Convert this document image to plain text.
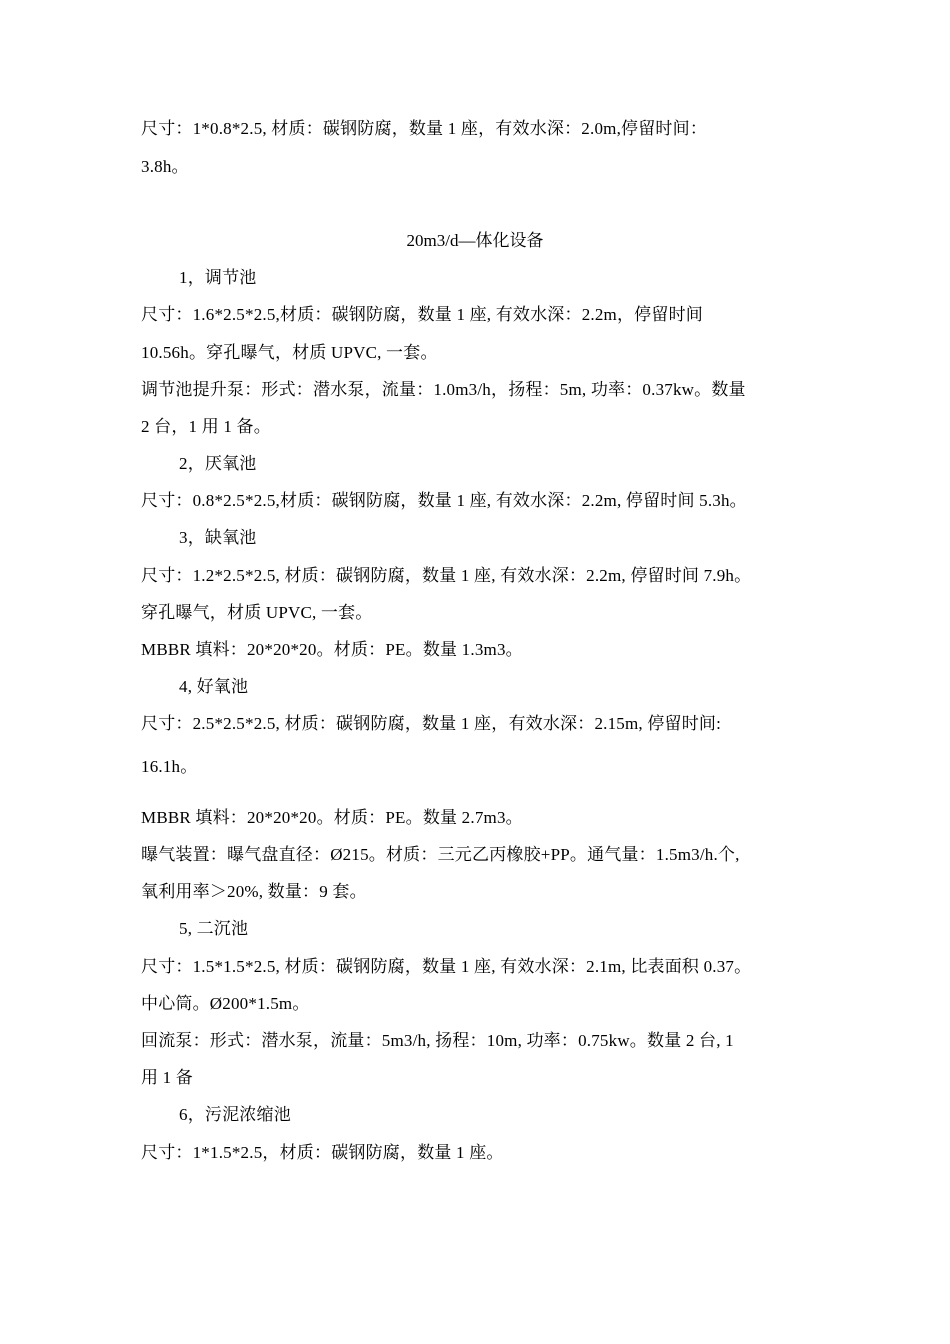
尺寸：1*0.8*2.5, 材质：碳钢防腐，数量 1 座，有效水深：2.0m,停留时间：
3.8h。
20m3/d—体化设备
1，调节池
尺寸：1.6*2.5*2.5,材质：碳钢防腐，数量 1 座, 有效水深：2.2m，停留时间
10.56h。穿孔曝气，材质 UPVC, 一套。
调节池提升泵：形式：潜水泵，流量：1.0m3/h，扬程：5m, 功率：0.37kw。数量
2 台，1 用 1 备。
2，厌氧池
尺寸：0.8*2.5*2.5,材质：碳钢防腐，数量 1 座, 有效水深：2.2m, 停留时间 5.3h。
3，缺氧池
尺寸：1.2*2.5*2.5, 材质：碳钢防腐，数量 1 座, 有效水深：2.2m, 停留时间 7.9h。
穿孔曝气，材质 UPVC, 一套。
MBBR 填料：20*20*20。材质：PE。数量 1.3m3。
4, 好氧池
尺寸：2.5*2.5*2.5, 材质：碳钢防腐，数量 1 座，有效水深：2.15m, 停留时间:
16.1h。
MBBR 填料：20*20*20。材质：PE。数量 2.7m3。
曝气装置：曝气盘直径：Ø215。材质：三元乙丙橡胶+PP。通气量：1.5m3/h.个,
氧利用率＞20%, 数量：9 套。
5, 二沉池
尺寸：1.5*1.5*2.5, 材质：碳钢防腐，数量 1 座, 有效水深：2.1m, 比表面积 0.37。
中心筒。Ø200*1.5m。
回流泵：形式：潜水泵，流量：5m3/h, 扬程：10m, 功率：0.75kw。数量 2 台, 1
用 1 备
6，污泥浓缩池
尺寸：1*1.5*2.5，材质：碳钢防腐，数量 1 座。
